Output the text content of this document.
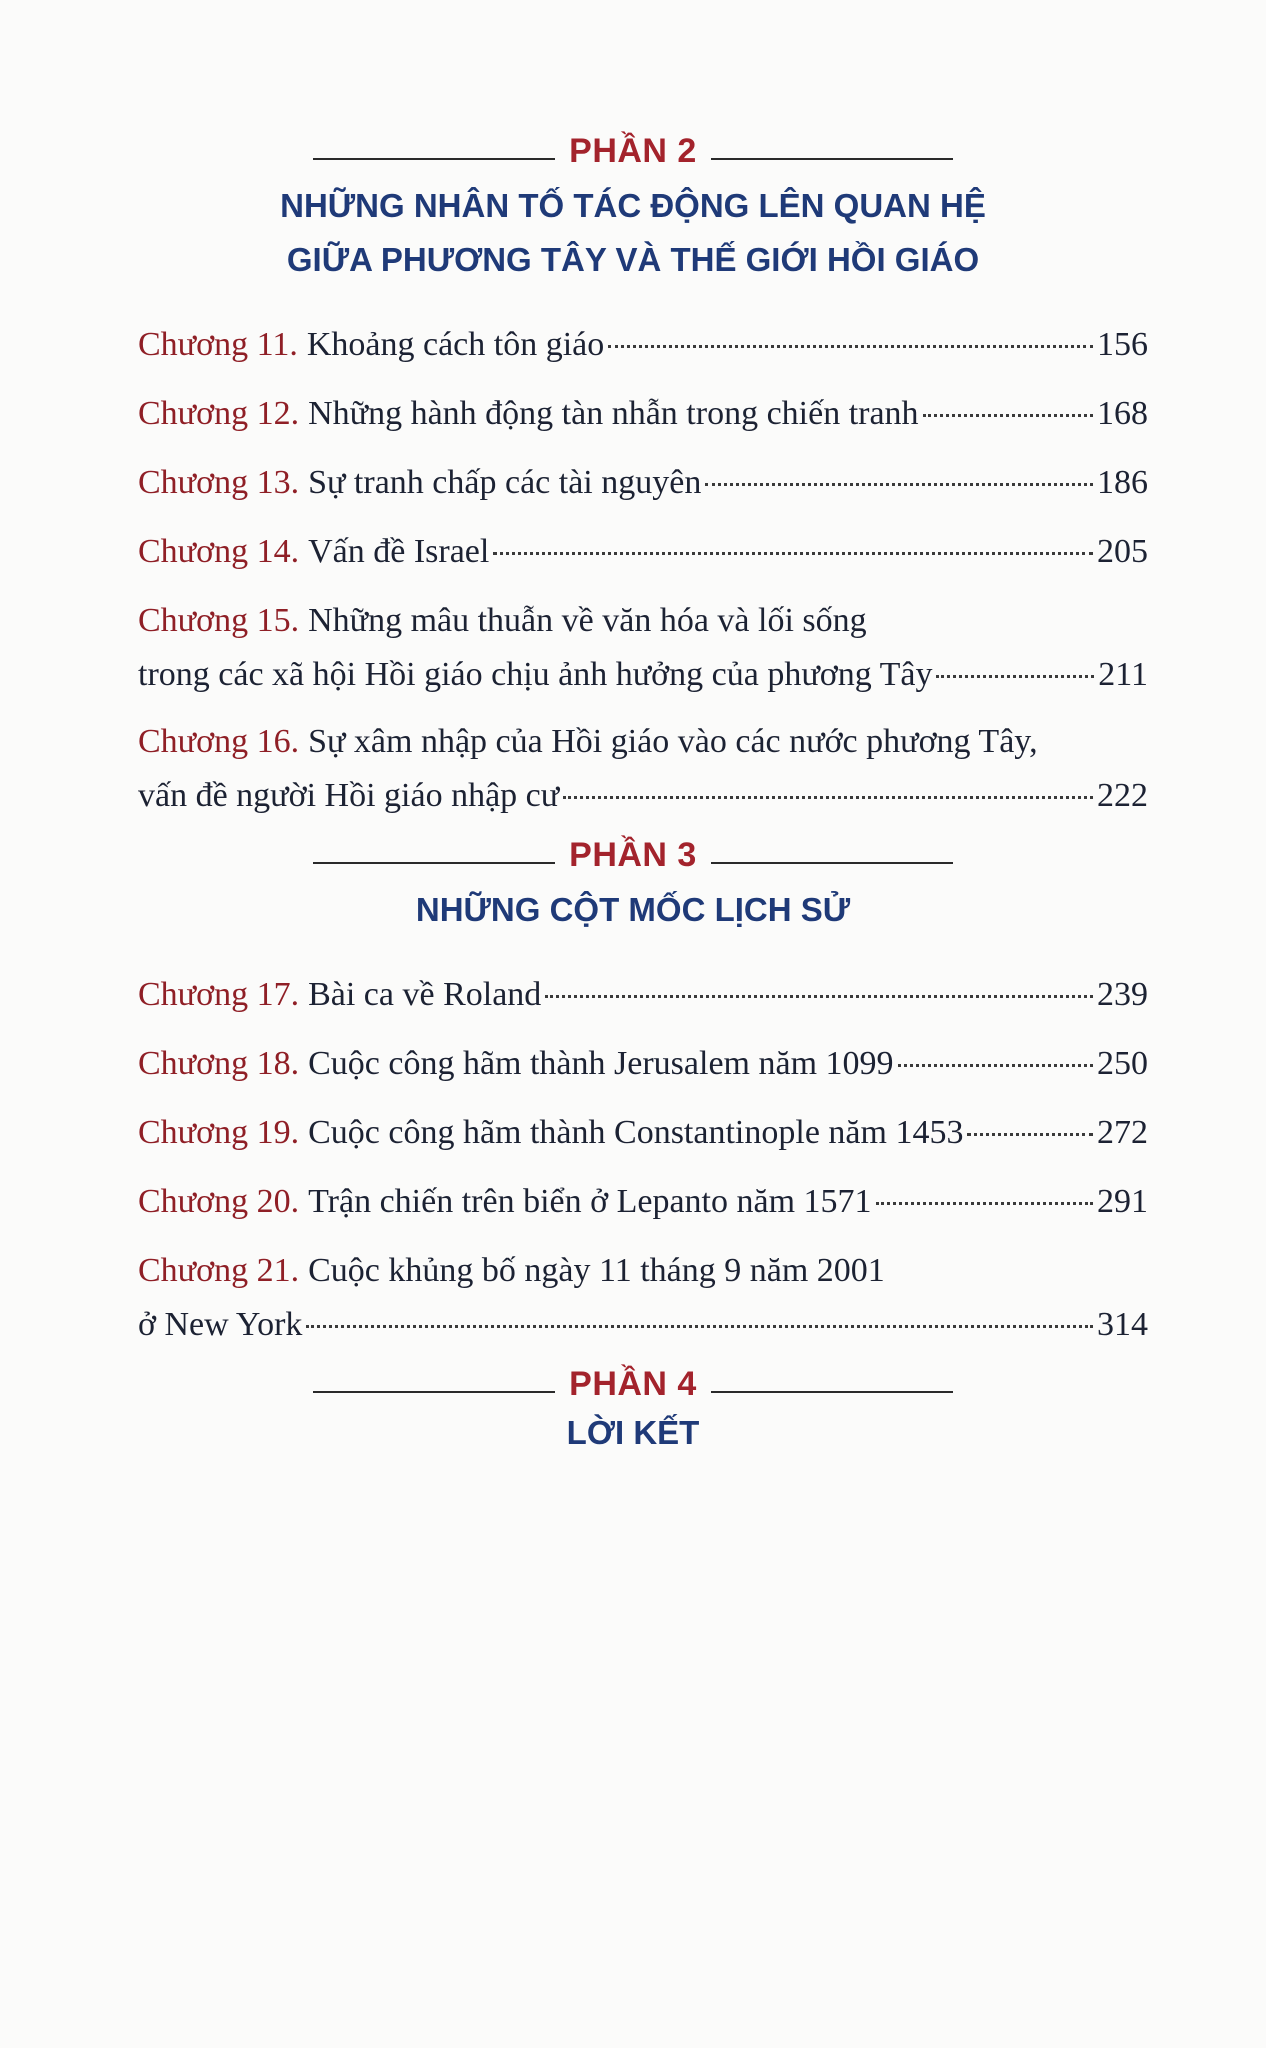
PHẦN 2
NHỮNG NHÂN TỐ TÁC ĐỘNG LÊN QUAN HỆ
GIỮA PHƯƠNG TÂY VÀ THẾ GIỚI HỒI GIÁO
Chương 11. Khoảng cách tôn giáo	156
Chương 12. Những hành động tàn nhẫn trong chiến tranh	168
Chương 13. Sự tranh chấp các tài nguyên	186
Chương 14. Vấn đề Israel	205
Chương 15. Những mâu thuẫn về văn hóa và lối sống
trong các xã hội Hồi giáo chịu ảnh hưởng của phương Tây	211
Chương 16. Sự xâm nhập của Hồi giáo vào các nước phương Tây,
vấn đề người Hồi giáo nhập cư	222
PHẦN 3
NHỮNG CỘT MỐC LỊCH SỬ
Chương 17. Bài ca về Roland	239
Chương 18. Cuộc công hãm thành Jerusalem năm 1099	250
Chương 19. Cuộc công hãm thành Constantinople năm 1453	272
Chương 20. Trận chiến trên biển ở Lepanto năm 1571	291
Chương 21. Cuộc khủng bố ngày 11 tháng 9 năm 2001
ở New York	314
PHẦN 4
LỜI KẾT
